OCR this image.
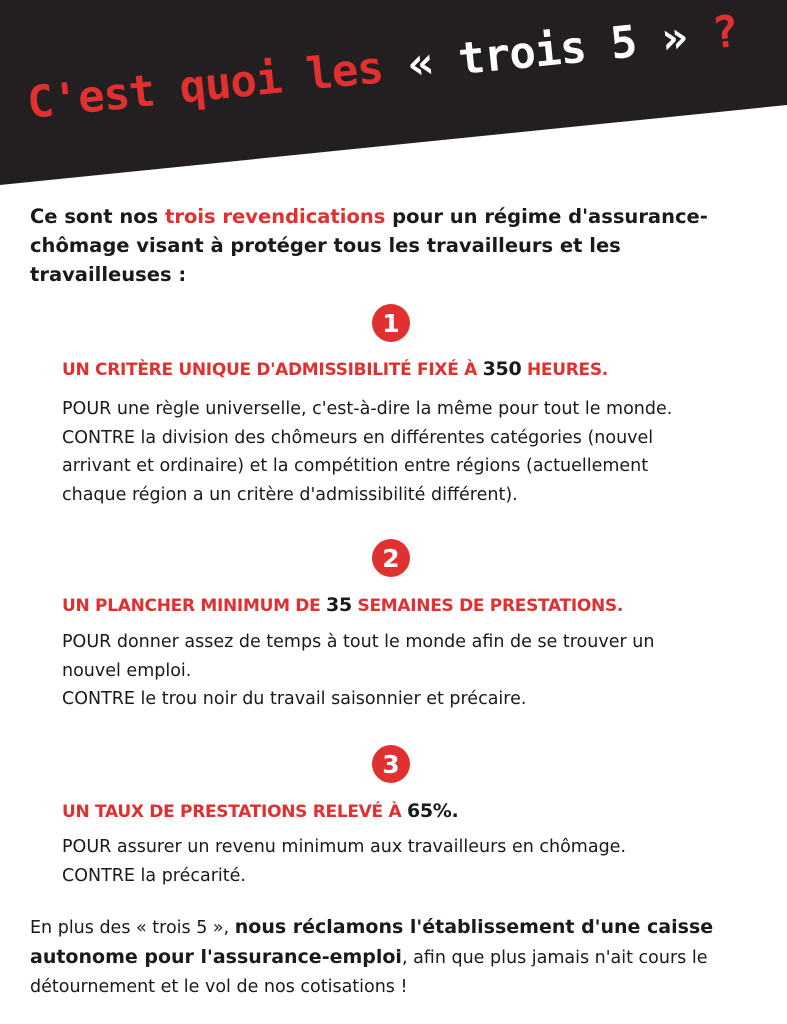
C'est quoi les « trois 5 » ?

Ce sont nos trois revendications pour un régime d'assurance-chômage visant à protéger tous les travailleurs et les travailleuses :

1

UN CRITÈRE UNIQUE D'ADMISSIBILITÉ FIXÉ À 350 HEURES.

POUR une règle universelle, c'est-à-dire la même pour tout le monde.
CONTRE la division des chômeurs en différentes catégories (nouvel
arrivant et ordinaire) et la compétition entre régions (actuellement
chaque région a un critère d'admissibilité différent).

2

UN PLANCHER MINIMUM DE 35 SEMAINES DE PRESTATIONS.

POUR donner assez de temps à tout le monde afin de se trouver un
nouvel emploi.
CONTRE le trou noir du travail saisonnier et précaire.

3

UN TAUX DE PRESTATIONS RELEVÉ À 65%.

POUR assurer un revenu minimum aux travailleurs en chômage.
CONTRE la précarité.

En plus des « trois 5 », nous réclamons l'établissement d'une caisse autonome pour l'assurance-emploi, afin que plus jamais n'ait cours le détournement et le vol de nos cotisations !
